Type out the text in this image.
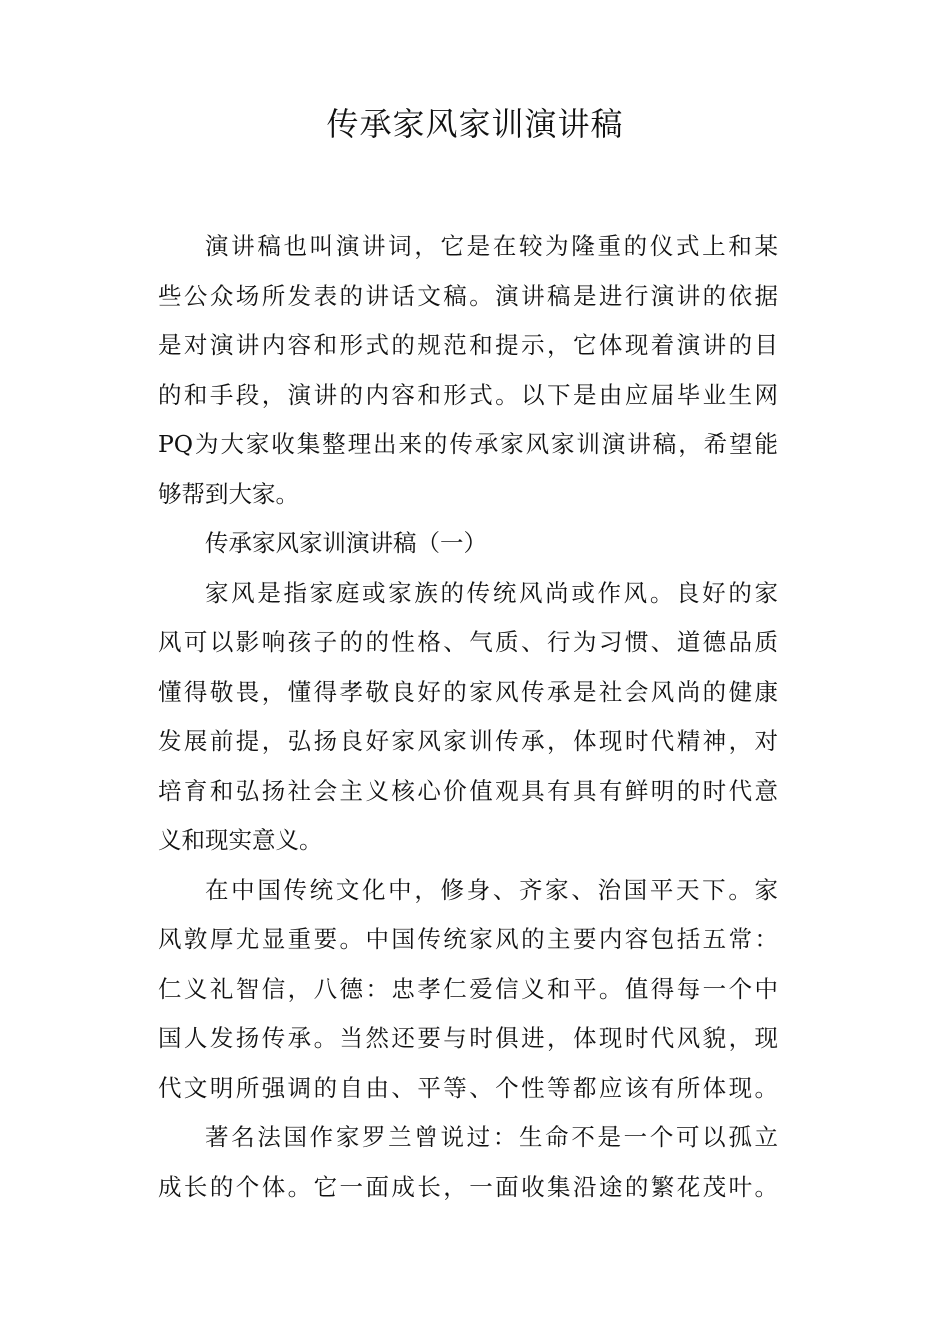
传承家风家训演讲稿

演讲稿也叫演讲词，它是在较为隆重的仪式上和某
些公众场所发表的讲话文稿。演讲稿是进行演讲的依据
是对演讲内容和形式的规范和提示，它体现着演讲的目
的和手段，演讲的内容和形式。以下是由应届毕业生网
PQ为大家收集整理出来的传承家风家训演讲稿，希望能
够帮到大家。

传承家风家训演讲稿（一）

家风是指家庭或家族的传统风尚或作风。良好的家
风可以影响孩子的的性格、气质、行为习惯、道德品质
懂得敬畏，懂得孝敬良好的家风传承是社会风尚的健康
发展前提，弘扬良好家风家训传承，体现时代精神，对
培育和弘扬社会主义核心价值观具有具有鲜明的时代意
义和现实意义。

在中国传统文化中，修身、齐家、治国平天下。家
风敦厚尤显重要。中国传统家风的主要内容包括五常：
仁义礼智信，八德：忠孝仁爱信义和平。值得每一个中
国人发扬传承。当然还要与时俱进，体现时代风貌，现
代文明所强调的自由、平等、个性等都应该有所体现。

著名法国作家罗兰曾说过：生命不是一个可以孤立
成长的个体。它一面成长，一面收集沿途的繁花茂叶。
